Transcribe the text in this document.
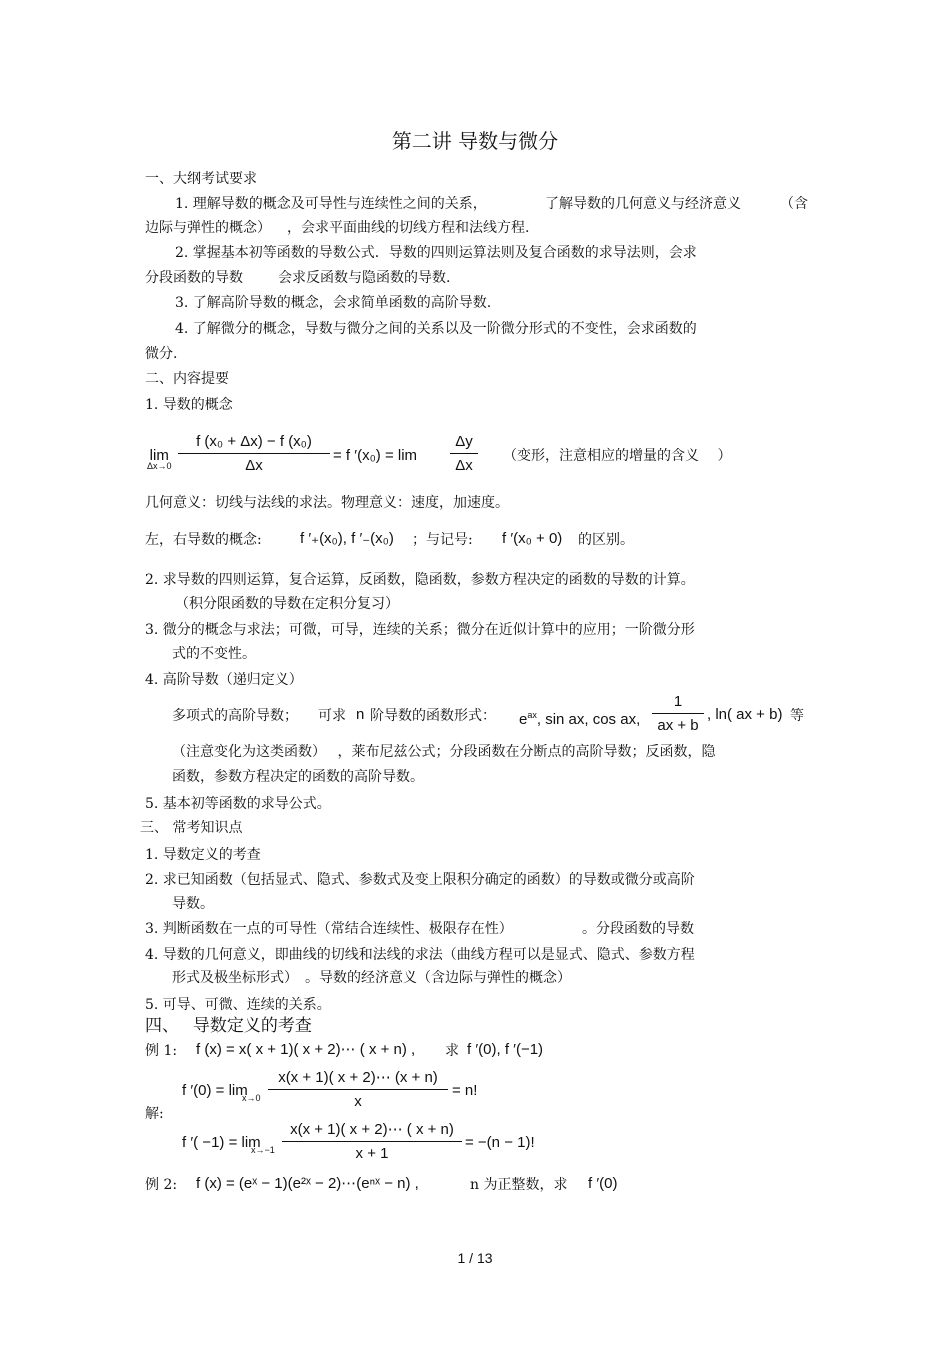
第二讲 导数与微分
一、大纲考试要求
1. 理解导数的概念及可导性与连续性之间的关系，	了解导数的几何意义与经济意义	（含
边际与弹性的概念） ，会求平面曲线的切线方程和法线方程.
2. 掌握基本初等函数的导数公式．导数的四则运算法则及复合函数的求导法则，会求
分段函数的导数	会求反函数与隐函数的导数.
3. 了解高阶导数的概念，会求简单函数的高阶导数.
4. 了解微分的概念，导数与微分之间的关系以及一阶微分形式的不变性，会求函数的
微分.
二、内容提要
1. 导数的概念
lim
$\Delta x\to 0 \frac{\text{f (x₀ + Δx) − f (x₀)}}{\Delta x} = f$ $'(x_0) = \lim \frac{\Delta y}{\Delta x}$ （变形，注意相应的增量的含义　 ）
几何意义：切线与法线的求法。物理意义：速度，加速度。
左，右导数的概念:	f ′₊(x₀), f ′₋(x₀) ；与记号: f ′(x₀ + 0) 的区别。
2. 求导数的四则运算，复合运算，反函数，隐函数，参数方程决定的函数的导数的计算。
（积分限函数的导数在定积分复习）
3. 微分的概念与求法；可微，可导，连续的关系；微分在近似计算中的应用；一阶微分形
式的不变性。
4. 高阶导数（递归定义）
多项式的高阶导数； 可求 n 阶导数的函数形式： $e^{ax}$, sin ax, cos ax, $\frac{1}{ax + b}$ , ln( ax + b) 等
（注意变化为这类函数）　 ，莱布尼兹公式；分段函数在分断点的高阶导数；反函数，隐
函数，参数方程决定的函数的高阶导数。
5. 基本初等函数的求导公式。
三、 常考知识点
1. 导数定义的考查
2. 求已知函数（包括显式、隐式、参数式及变上限积分确定的函数）的导数或微分或高阶
导数。
3. 判断函数在一点的可导性（常结合连续性、极限存在性）	。分段函数的导数
4. 导数的几何意义，即曲线的切线和法线的求法（曲线方程可以是显式、隐式、参数方程
形式及极坐标形式）　。导数的经济意义（含边际与弹性的概念）
5. 可导、可微、连续的关系。
四、　 导数定义的考查
例 1: f (x) = x( x + 1)( x + 2)⋯ ( x + n) , 求 f ′(0), f ′(−1)
解:
f ′(0) = lim
$x\to 0 \frac{x(x + 1)( x + 2)\cdots (x + n)}{x} = n$!
f ′( −1) = lim
$x\to-1 \frac{x(x + 1)( x + 2)\cdots ( x + n)}{x + 1} = -(n - 1)$!
例 2: f (x) = (eˣ − 1)(e²ˣ − 2)⋯(eⁿˣ − n) ,	n 为正整数，求 f ′(0)
1 / 13
